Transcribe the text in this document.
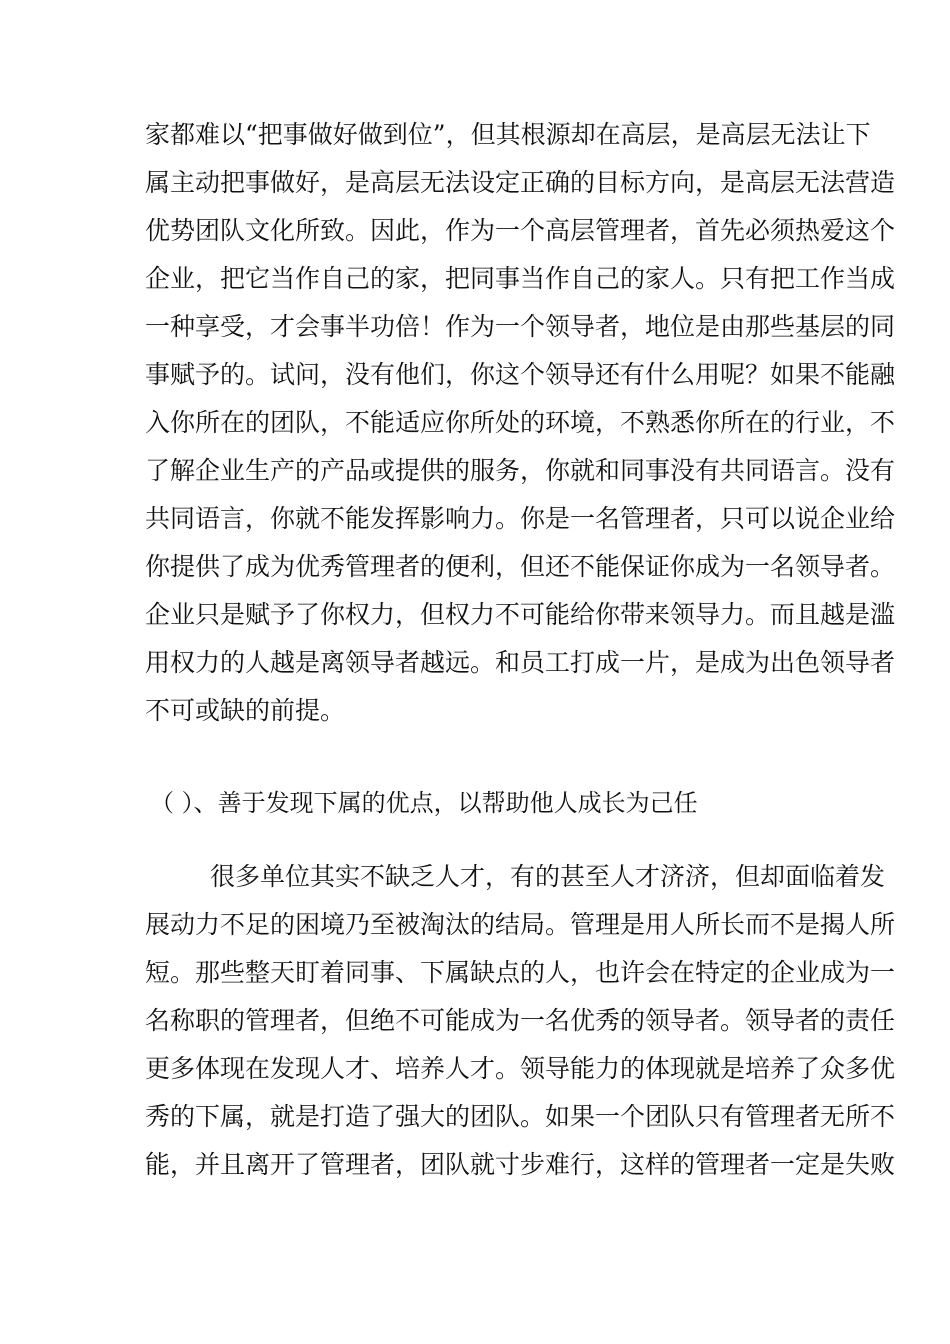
家都难以“把事做好做到位”，但其根源却在高层，是高层无法让下
属主动把事做好，是高层无法设定正确的目标方向，是高层无法营造
优势团队文化所致。因此，作为一个高层管理者，首先必须热爱这个
企业，把它当作自己的家，把同事当作自己的家人。只有把工作当成
一种享受，才会事半功倍！作为一个领导者，地位是由那些基层的同
事赋予的。试问，没有他们，你这个领导还有什么用呢？如果不能融
入你所在的团队，不能适应你所处的环境，不熟悉你所在的行业，不
了解企业生产的产品或提供的服务，你就和同事没有共同语言。没有
共同语言，你就不能发挥影响力。你是一名管理者，只可以说企业给
你提供了成为优秀管理者的便利，但还不能保证你成为一名领导者。
企业只是赋予了你权力，但权力不可能给你带来领导力。而且越是滥
用权力的人越是离领导者越远。和员工打成一片，是成为出色领导者
不可或缺的前提。
（ ）、善于发现下属的优点，以帮助他人成长为己任
很多单位其实不缺乏人才，有的甚至人才济济，但却面临着发
展动力不足的困境乃至被淘汰的结局。管理是用人所长而不是揭人所
短。那些整天盯着同事、下属缺点的人，也许会在特定的企业成为一
名称职的管理者，但绝不可能成为一名优秀的领导者。领导者的责任
更多体现在发现人才、培养人才。领导能力的体现就是培养了众多优
秀的下属，就是打造了强大的团队。如果一个团队只有管理者无所不
能，并且离开了管理者，团队就寸步难行，这样的管理者一定是失败
